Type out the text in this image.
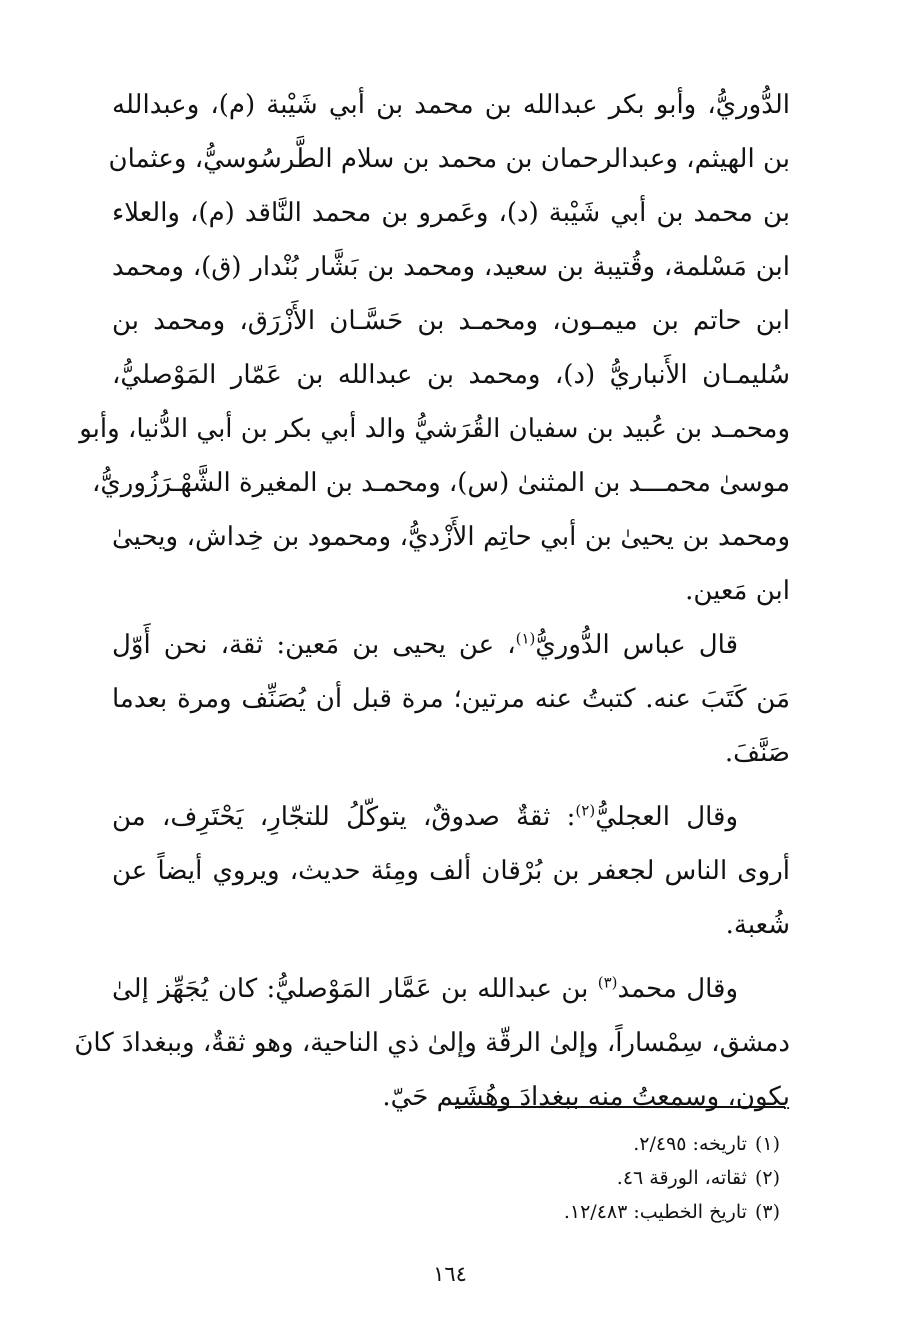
الدُّوريُّ، وأبو بكر عبدالله بن محمد بن أبي شَيْبة (م)، وعبدالله
بن الهيثم، وعبدالرحمان بن محمد بن سلام الطَّرسُوسيُّ، وعثمان
بن محمد بن أبي شَيْبة (د)، وعَمرو بن محمد النَّاقد (م)، والعلاء
ابن مَسْلمة، وقُتيبة بن سعيد، ومحمد بن بَشَّار بُنْدار (ق)، ومحمد
ابن حاتم بن ميمـون، ومحمـد بن حَسَّـان الأَزْرَق، ومحمد بن
سُليمـان الأَنباريُّ (د)، ومحمد بن عبدالله بن عَمّار المَوْصليُّ،
ومحمـد بن عُبيد بن سفيان القُرَشيُّ والد أبي بكر بن أبي الدُّنيا، وأبو
موسىٰ محمـــد بن المثنىٰ (س)، ومحمـد بن المغيرة الشَّهْـرَزُوريُّ،
ومحمد بن يحيىٰ بن أبي حاتِم الأَزْديُّ، ومحمود بن خِداش، ويحيىٰ
ابن مَعين.
  قال عباس الدُّوريُّ$^{(١)}$، عن يحيى بن مَعين: ثقة، نحن أَوّل
مَن كَتَبَ عنه. كتبتُ عنه مرتين؛ مرة قبل أن يُصَنِّف ومرة بعدما
صَنَّفَ.
  وقال العجليُّ$^{(٢)}$: ثقةٌ صدوقٌ، يتوكّلُ للتجّارِ، يَحْتَرِف، من
أروى الناس لجعفر بن بُرْقان ألف ومِئة حديث، ويروي أيضاً عن
شُعبة.
  وقال محمد$^{(٣)}$ بن عبدالله بن عَمَّار المَوْصليُّ: كان يُجَهِّز إلىٰ
دمشق، سِمْساراً، وإلىٰ الرقّة وإلىٰ ذي الناحية، وهو ثقةٌ، وببغدادَ كانَ
يكون، وسمعتُ منه ببغدادَ وهُشَيم حَيّ.
(١)تاريخه: ٢/٤٩٥.
(٢)ثقاته، الورقة ٤٦.
(٣)تاريخ الخطيب: ١٢/٤٨٣.
١٦٤
